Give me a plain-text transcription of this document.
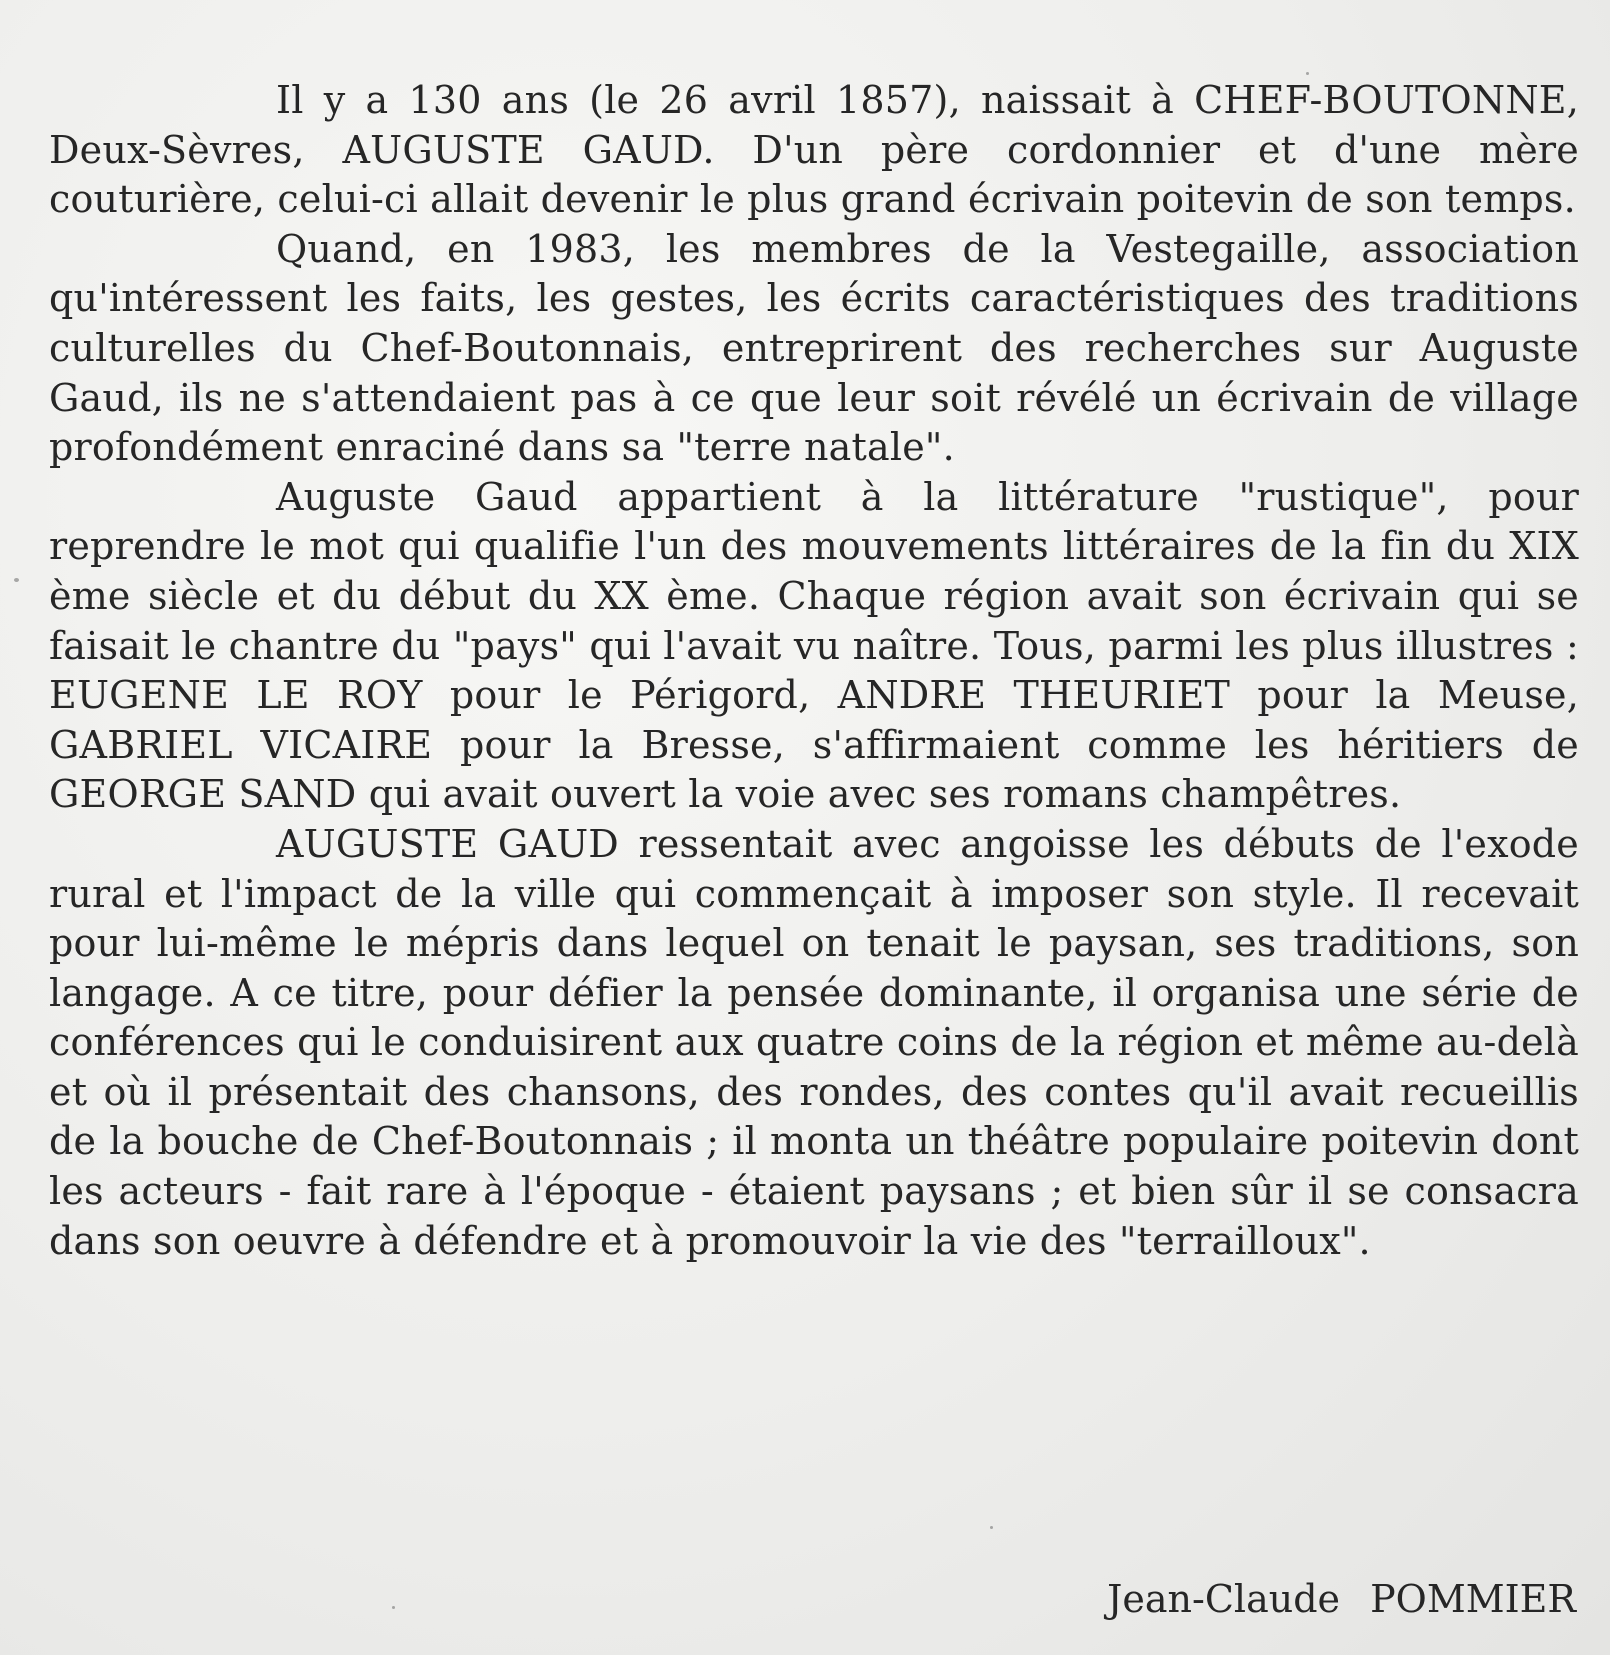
Il y a 130 ans (le 26 avril 1857), naissait à CHEF-BOUTONNE, Deux-Sèvres, AUGUSTE GAUD. D'un père cordonnier et d'une mère couturière, celui-ci allait devenir le plus grand écrivain poitevin de son temps.

Quand, en 1983, les membres de la Vestegaille, association qu'intéressent les faits, les gestes, les écrits caractéristiques des traditions culturelles du Chef-Boutonnais, entreprirent des recherches sur Auguste Gaud, ils ne s'attendaient pas à ce que leur soit révélé un écrivain de village profondément enraciné dans sa "terre natale".

Auguste Gaud appartient à la littérature "rustique", pour reprendre le mot qui qualifie l'un des mouvements littéraires de la fin du XIX ème siècle et du début du XX ème. Chaque région avait son écrivain qui se faisait le chantre du "pays" qui l'avait vu naître. Tous, parmi les plus illustres : EUGENE LE ROY pour le Périgord, ANDRE THEURIET pour la Meuse, GABRIEL VICAIRE pour la Bresse, s'affirmaient comme les héritiers de GEORGE SAND qui avait ouvert la voie avec ses romans champêtres.

AUGUSTE GAUD ressentait avec angoisse les débuts de l'exode rural et l'impact de la ville qui commençait à imposer son style. Il recevait pour lui-même le mépris dans lequel on tenait le paysan, ses traditions, son langage. A ce titre, pour défier la pensée dominante, il organisa une série de conférences qui le conduisirent aux quatre coins de la région et même au-delà et où il présentait des chansons, des rondes, des contes qu'il avait recueillis de la bouche de Chef-Boutonnais ; il monta un théâtre populaire poitevin dont les acteurs - fait rare à l'époque - étaient paysans ; et bien sûr il se consacra dans son oeuvre à défendre et à promouvoir la vie des "terrailloux".

Jean-Claude POMMIER
